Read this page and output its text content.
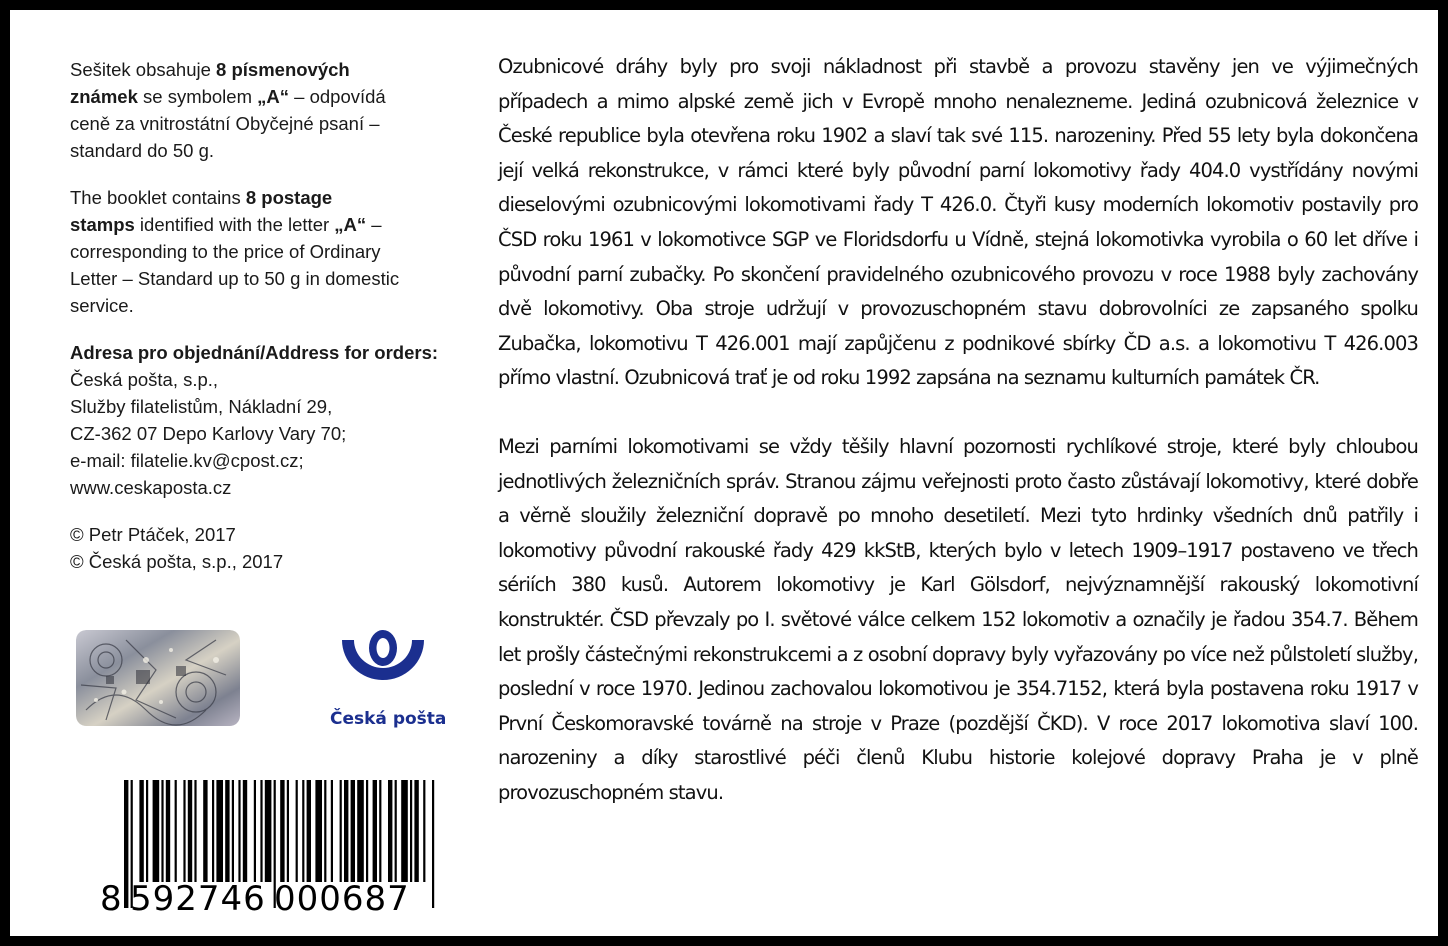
Sešitek obsahuje 8 písmenových
známek se symbolem „A“ – odpovídá
ceně za vnitrostátní Obyčejné psaní –
standard do 50 g.

The booklet contains 8 postage
stamps identified with the letter „A“ –
corresponding to the price of Ordinary
Letter – Standard up to 50 g in domestic
service.

Adresa pro objednání/Address for orders:

Česká pošta, s.p.,
Služby filatelistům, Nákladní 29,
CZ-362 07 Depo Karlovy Vary 70;
e-mail: filatelie.kv@cpost.cz;
www.ceskaposta.cz

© Petr Ptáček, 2017
© Česká pošta, s.p., 2017

Česká pošta
8 592746 000687

Ozubnicové dráhy byly pro svoji nákladnost při stavbě a provozu stavěny jen ve výjimečných případech a mimo alpské země jich v Evropě mnoho nenalezneme. Jediná ozubnicová železnice v České republice byla otevřena roku 1902 a slaví tak své 115. narozeniny. Před 55 lety byla dokončena její velká rekonstrukce, v rámci které byly původní parní lokomotivy řady 404.0 vystřídány novými dieselovými ozubnicovými lokomotivami řady T 426.0. Čtyři kusy moderních lokomotiv postavily pro ČSD roku 1961 v lokomotivce SGP ve Floridsdorfu u Vídně, stejná lokomotivka vyrobila o 60 let dříve i původní parní zubačky. Po skončení pravidelného ozubnicového provozu v roce 1988 byly zachovány dvě lokomotivy. Oba stroje udržují v provozuschopném stavu dobrovolníci ze zapsaného spolku Zubačka, lokomotivu T 426.001 mají zapůjčenu z podnikové sbírky ČD a.s. a lokomotivu T 426.003 přímo vlastní. Ozubnicová trať je od roku 1992 zapsána na seznamu kulturních památek ČR.

Mezi parními lokomotivami se vždy těšily hlavní pozornosti rychlíkové stroje, které byly chloubou jednotlivých železničních správ. Stranou zájmu veřejnosti proto často zůstávají lokomotivy, které dobře a věrně sloužily železniční dopravě po mnoho desetiletí. Mezi tyto hrdinky všedních dnů patřily i lokomotivy původní rakouské řady 429 kkStB, kterých bylo v letech 1909–1917 postaveno ve třech sériích 380 kusů. Autorem lokomotivy je Karl Gölsdorf, nejvýznamnější rakouský lokomotivní konstruktér. ČSD převzaly po I. světové válce celkem 152 lokomotiv a označily je řadou 354.7. Během let prošly částečnými rekonstrukcemi a z osobní dopravy byly vyřazovány po více než půlstoletí služby, poslední v roce 1970. Jedinou zachovalou lokomotivou je 354.7152, která byla postavena roku 1917 v První Českomoravské továrně na stroje v Praze (pozdější ČKD). V roce 2017 lokomotiva slaví 100. narozeniny a díky starostlivé péči členů Klubu historie kolejové dopravy Praha je v plně provozuschopném stavu.
